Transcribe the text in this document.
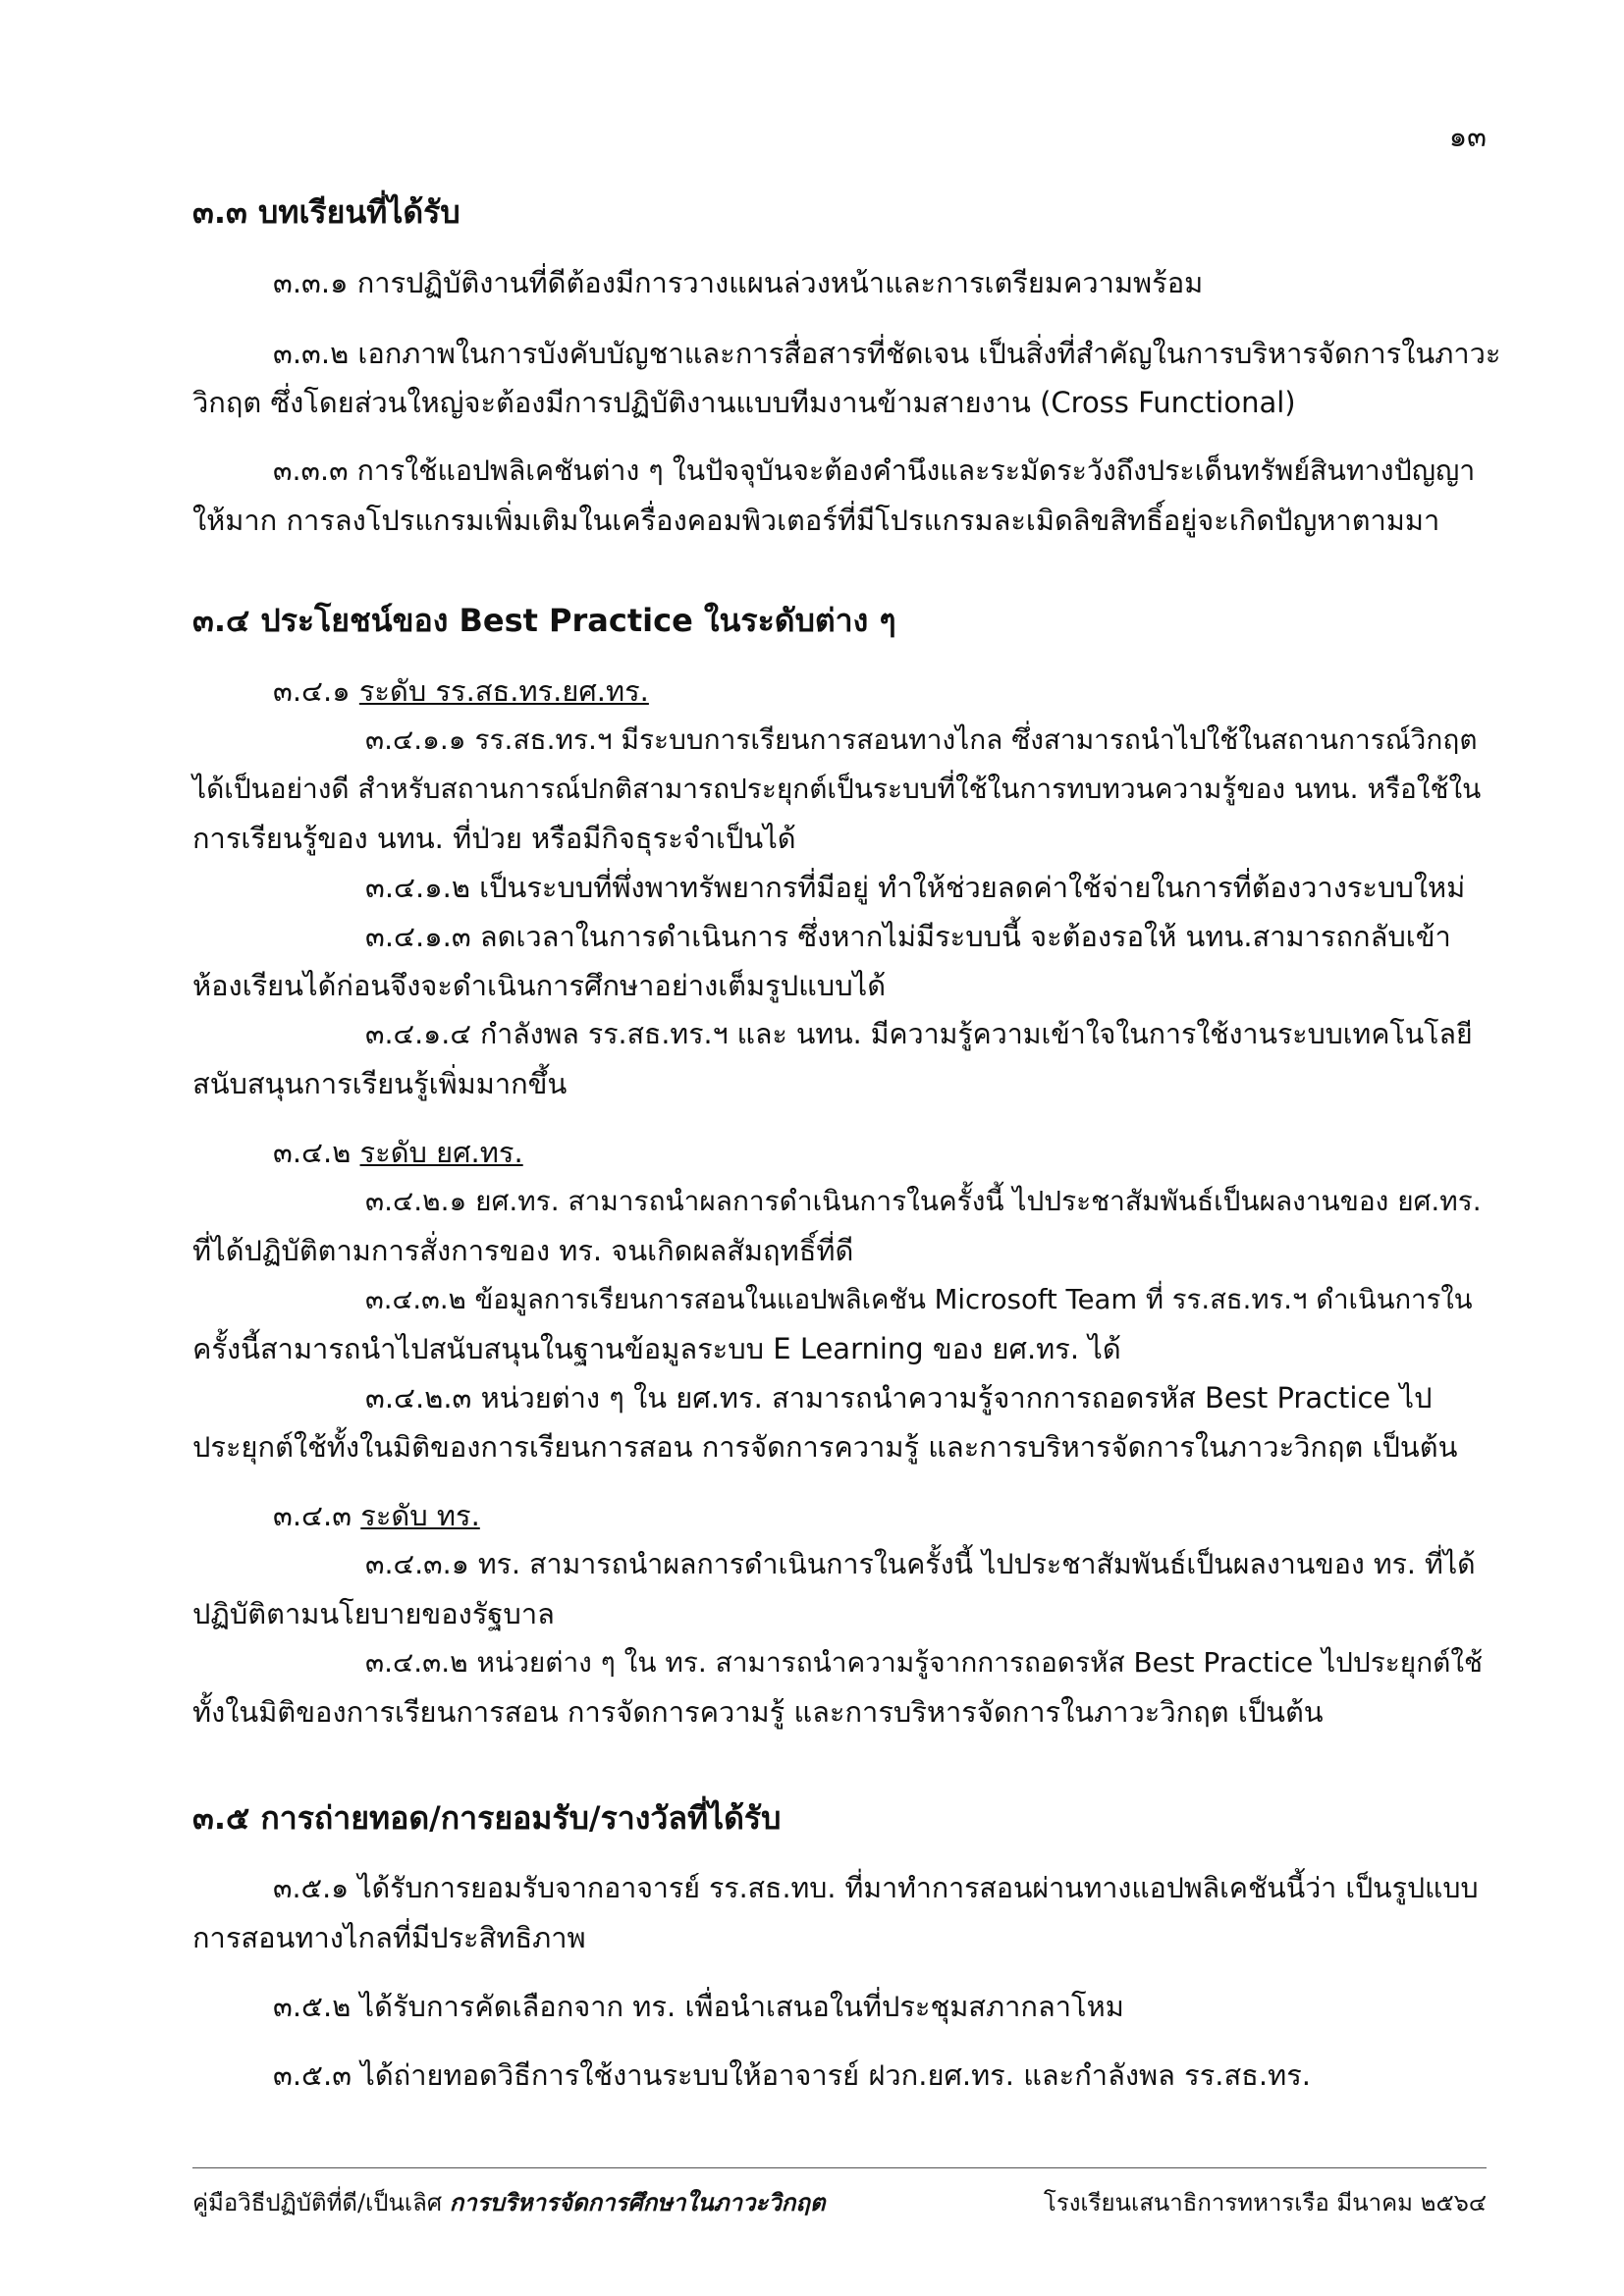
๑๓
๓.๓ บทเรียนที่ได้รับ
๓.๓.๑ การปฏิบัติงานที่ดีต้องมีการวางแผนล่วงหน้าและการเตรียมความพร้อม
๓.๓.๒ เอกภาพในการบังคับบัญชาและการสื่อสารที่ชัดเจน เป็นสิ่งที่สำคัญในการบริหารจัดการในภาวะ
วิกฤต ซึ่งโดยส่วนใหญ่จะต้องมีการปฏิบัติงานแบบทีมงานข้ามสายงาน (Cross Functional)
๓.๓.๓ การใช้แอปพลิเคชันต่าง ๆ ในปัจจุบันจะต้องคำนึงและระมัดระวังถึงประเด็นทรัพย์สินทางปัญญา
ให้มาก การลงโปรแกรมเพิ่มเติมในเครื่องคอมพิวเตอร์ที่มีโปรแกรมละเมิดลิขสิทธิ์อยู่จะเกิดปัญหาตามมา
๓.๔ ประโยชน์ของ Best Practice ในระดับต่าง ๆ
๓.๔.๑ ระดับ รร.สธ.ทร.ยศ.ทร.
๓.๔.๑.๑ รร.สธ.ทร.ฯ มีระบบการเรียนการสอนทางไกล ซึ่งสามารถนำไปใช้ในสถานการณ์วิกฤต
ได้เป็นอย่างดี สำหรับสถานการณ์ปกติสามารถประยุกต์เป็นระบบที่ใช้ในการทบทวนความรู้ของ นทน. หรือใช้ใน
การเรียนรู้ของ นทน. ที่ป่วย หรือมีกิจธุระจำเป็นได้
๓.๔.๑.๒ เป็นระบบที่พึ่งพาทรัพยากรที่มีอยู่ ทำให้ช่วยลดค่าใช้จ่ายในการที่ต้องวางระบบใหม่
๓.๔.๑.๓ ลดเวลาในการดำเนินการ ซึ่งหากไม่มีระบบนี้ จะต้องรอให้ นทน.สามารถกลับเข้า
ห้องเรียนได้ก่อนจึงจะดำเนินการศึกษาอย่างเต็มรูปแบบได้
๓.๔.๑.๔ กำลังพล รร.สธ.ทร.ฯ และ นทน. มีความรู้ความเข้าใจในการใช้งานระบบเทคโนโลยี
สนับสนุนการเรียนรู้เพิ่มมากขึ้น
๓.๔.๒ ระดับ ยศ.ทร.
๓.๔.๒.๑ ยศ.ทร. สามารถนำผลการดำเนินการในครั้งนี้ ไปประชาสัมพันธ์เป็นผลงานของ ยศ.ทร.
ที่ได้ปฏิบัติตามการสั่งการของ ทร. จนเกิดผลสัมฤทธิ์ที่ดี
๓.๔.๓.๒ ข้อมูลการเรียนการสอนในแอปพลิเคชัน Microsoft Team ที่ รร.สธ.ทร.ฯ ดำเนินการใน
ครั้งนี้สามารถนำไปสนับสนุนในฐานข้อมูลระบบ E Learning ของ ยศ.ทร. ได้
๓.๔.๒.๓ หน่วยต่าง ๆ ใน ยศ.ทร. สามารถนำความรู้จากการถอดรหัส Best Practice ไป
ประยุกต์ใช้ทั้งในมิติของการเรียนการสอน การจัดการความรู้ และการบริหารจัดการในภาวะวิกฤต เป็นต้น
๓.๔.๓ ระดับ ทร.
๓.๔.๓.๑ ทร. สามารถนำผลการดำเนินการในครั้งนี้ ไปประชาสัมพันธ์เป็นผลงานของ ทร. ที่ได้
ปฏิบัติตามนโยบายของรัฐบาล
๓.๔.๓.๒ หน่วยต่าง ๆ ใน ทร. สามารถนำความรู้จากการถอดรหัส Best Practice ไปประยุกต์ใช้
ทั้งในมิติของการเรียนการสอน การจัดการความรู้ และการบริหารจัดการในภาวะวิกฤต เป็นต้น
๓.๕ การถ่ายทอด/การยอมรับ/รางวัลที่ได้รับ
๓.๕.๑ ได้รับการยอมรับจากอาจารย์ รร.สธ.ทบ. ที่มาทำการสอนผ่านทางแอปพลิเคชันนี้ว่า เป็นรูปแบบ
การสอนทางไกลที่มีประสิทธิภาพ
๓.๕.๒ ได้รับการคัดเลือกจาก ทร. เพื่อนำเสนอในที่ประชุมสภากลาโหม
๓.๕.๓ ได้ถ่ายทอดวิธีการใช้งานระบบให้อาจารย์ ฝวก.ยศ.ทร. และกำลังพล รร.สธ.ทร.
คู่มือวิธีปฏิบัติที่ดี/เป็นเลิศ การบริหารจัดการศึกษาในภาวะวิกฤต	โรงเรียนเสนาธิการทหารเรือ มีนาคม ๒๕๖๔
